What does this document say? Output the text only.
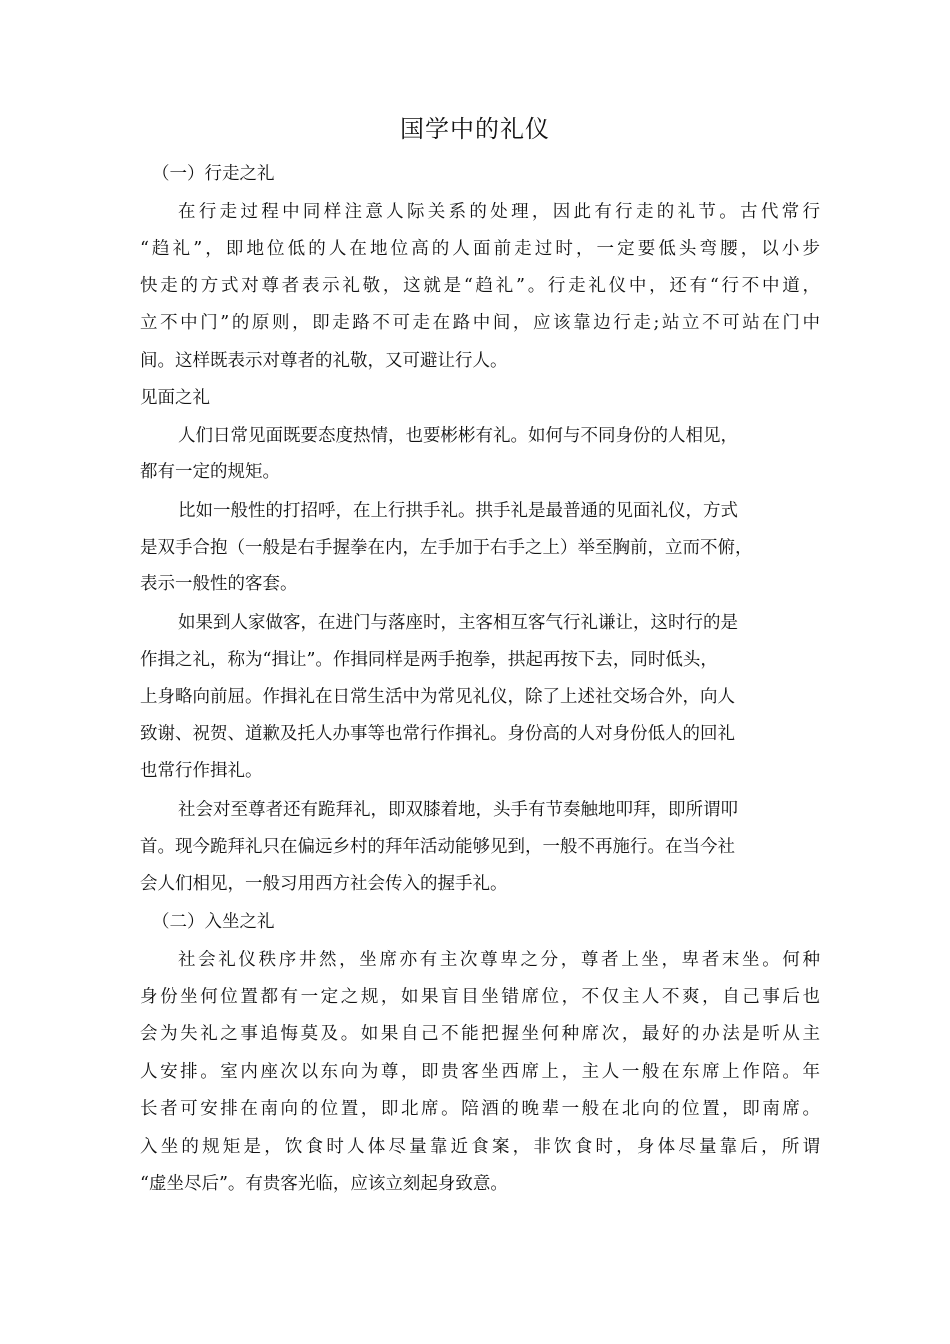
国学中的礼仪
（一）行走之礼
在行走过程中同样注意人际关系的处理，因此有行走的礼节。古代常行
“趋礼”，即地位低的人在地位高的人面前走过时，一定要低头弯腰，以小步
快走的方式对尊者表示礼敬，这就是“趋礼”。行走礼仪中，还有“行不中道，
立不中门”的原则，即走路不可走在路中间，应该靠边行走;站立不可站在门中
间。这样既表示对尊者的礼敬，又可避让行人。
见面之礼
人们日常见面既要态度热情，也要彬彬有礼。如何与不同身份的人相见，
都有一定的规矩。
比如一般性的打招呼，在上行拱手礼。拱手礼是最普通的见面礼仪，方式
是双手合抱（一般是右手握拳在内，左手加于右手之上）举至胸前，立而不俯，
表示一般性的客套。
如果到人家做客，在进门与落座时，主客相互客气行礼谦让，这时行的是
作揖之礼，称为“揖让”。作揖同样是两手抱拳，拱起再按下去，同时低头，
上身略向前屈。作揖礼在日常生活中为常见礼仪，除了上述社交场合外，向人
致谢、祝贺、道歉及托人办事等也常行作揖礼。身份高的人对身份低人的回礼
也常行作揖礼。
社会对至尊者还有跪拜礼，即双膝着地，头手有节奏触地叩拜，即所谓叩
首。现今跪拜礼只在偏远乡村的拜年活动能够见到，一般不再施行。在当今社
会人们相见，一般习用西方社会传入的握手礼。
（二）入坐之礼
社会礼仪秩序井然，坐席亦有主次尊卑之分，尊者上坐，卑者末坐。何种
身份坐何位置都有一定之规，如果盲目坐错席位，不仅主人不爽，自己事后也
会为失礼之事追悔莫及。如果自己不能把握坐何种席次，最好的办法是听从主
人安排。室内座次以东向为尊，即贵客坐西席上，主人一般在东席上作陪。年
长者可安排在南向的位置，即北席。陪酒的晚辈一般在北向的位置，即南席。
入坐的规矩是，饮食时人体尽量靠近食案，非饮食时，身体尽量靠后，所谓
“虚坐尽后”。有贵客光临，应该立刻起身致意。
